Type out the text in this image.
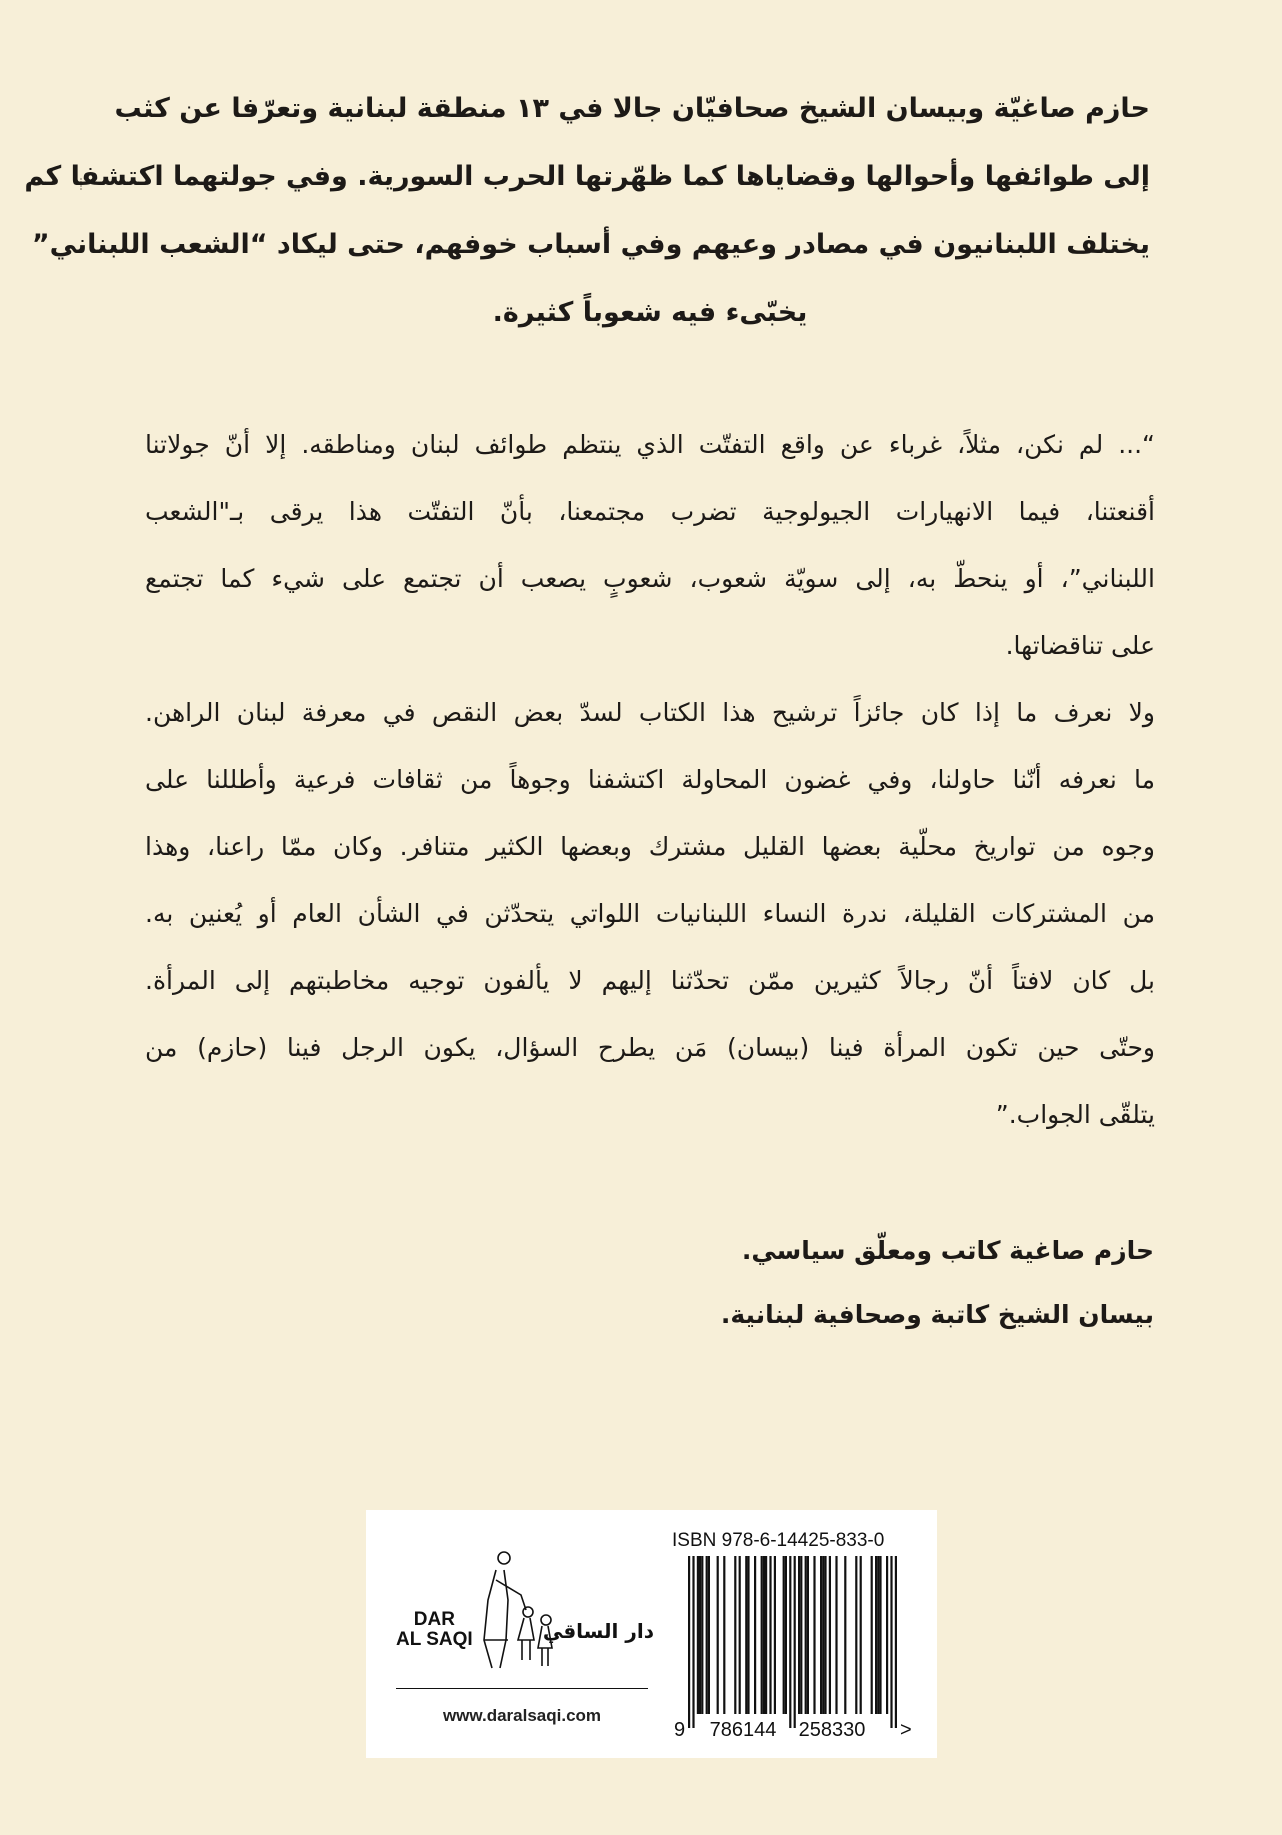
حازم صاغيّة وبيسان الشيخ صحافيّان جالا في ١٣ منطقة لبنانية وتعرّفا عن كثب
إلى طوائفها وأحوالها وقضاياها كما ظهّرتها الحرب السورية. وفي جولتهما اكتشفا كم
يختلف اللبنانيون في مصادر وعيهم وفي أسباب خوفهم، حتى ليكاد “الشعب اللبناني”
يخبّىء فيه شعوباً كثيرة.
“... لم نكن، مثلاً، غرباء عن واقع التفتّت الذي ينتظم طوائف لبنان ومناطقه. إلا أنّ جولاتنا
أقنعتنا، فيما الانهيارات الجيولوجية تضرب مجتمعنا، بأنّ التفتّت هذا يرقى بـ"الشعب
اللبناني”، أو ينحطّ به، إلى سويّة شعوب، شعوبٍ يصعب أن تجتمع على شيء كما تجتمع
على تناقضاتها.
ولا نعرف ما إذا كان جائزاً ترشيح هذا الكتاب لسدّ بعض النقص في معرفة لبنان الراهن.
ما نعرفه أنّنا حاولنا، وفي غضون المحاولة اكتشفنا وجوهاً من ثقافات فرعية وأطللنا على
وجوه من تواريخ محلّية بعضها القليل مشترك وبعضها الكثير متنافر. وكان ممّا راعنا، وهذا
من المشتركات القليلة، ندرة النساء اللبنانيات اللواتي يتحدّثن في الشأن العام أو يُعنين به.
بل كان لافتاً أنّ رجالاً كثيرين ممّن تحدّثنا إليهم لا يألفون توجيه مخاطبتهم إلى المرأة.
وحتّى حين تكون المرأة فينا (بيسان) مَن يطرح السؤال، يكون الرجل فينا (حازم) من
يتلقّى الجواب.”
حازم صاغية كاتب ومعلّق سياسي.
بيسان الشيخ كاتبة وصحافية لبنانية.
DAR
AL SAQI	دار الساقي
www.daralsaqi.com
ISBN 978-6-14425-833-0
9 786144 258330 >
